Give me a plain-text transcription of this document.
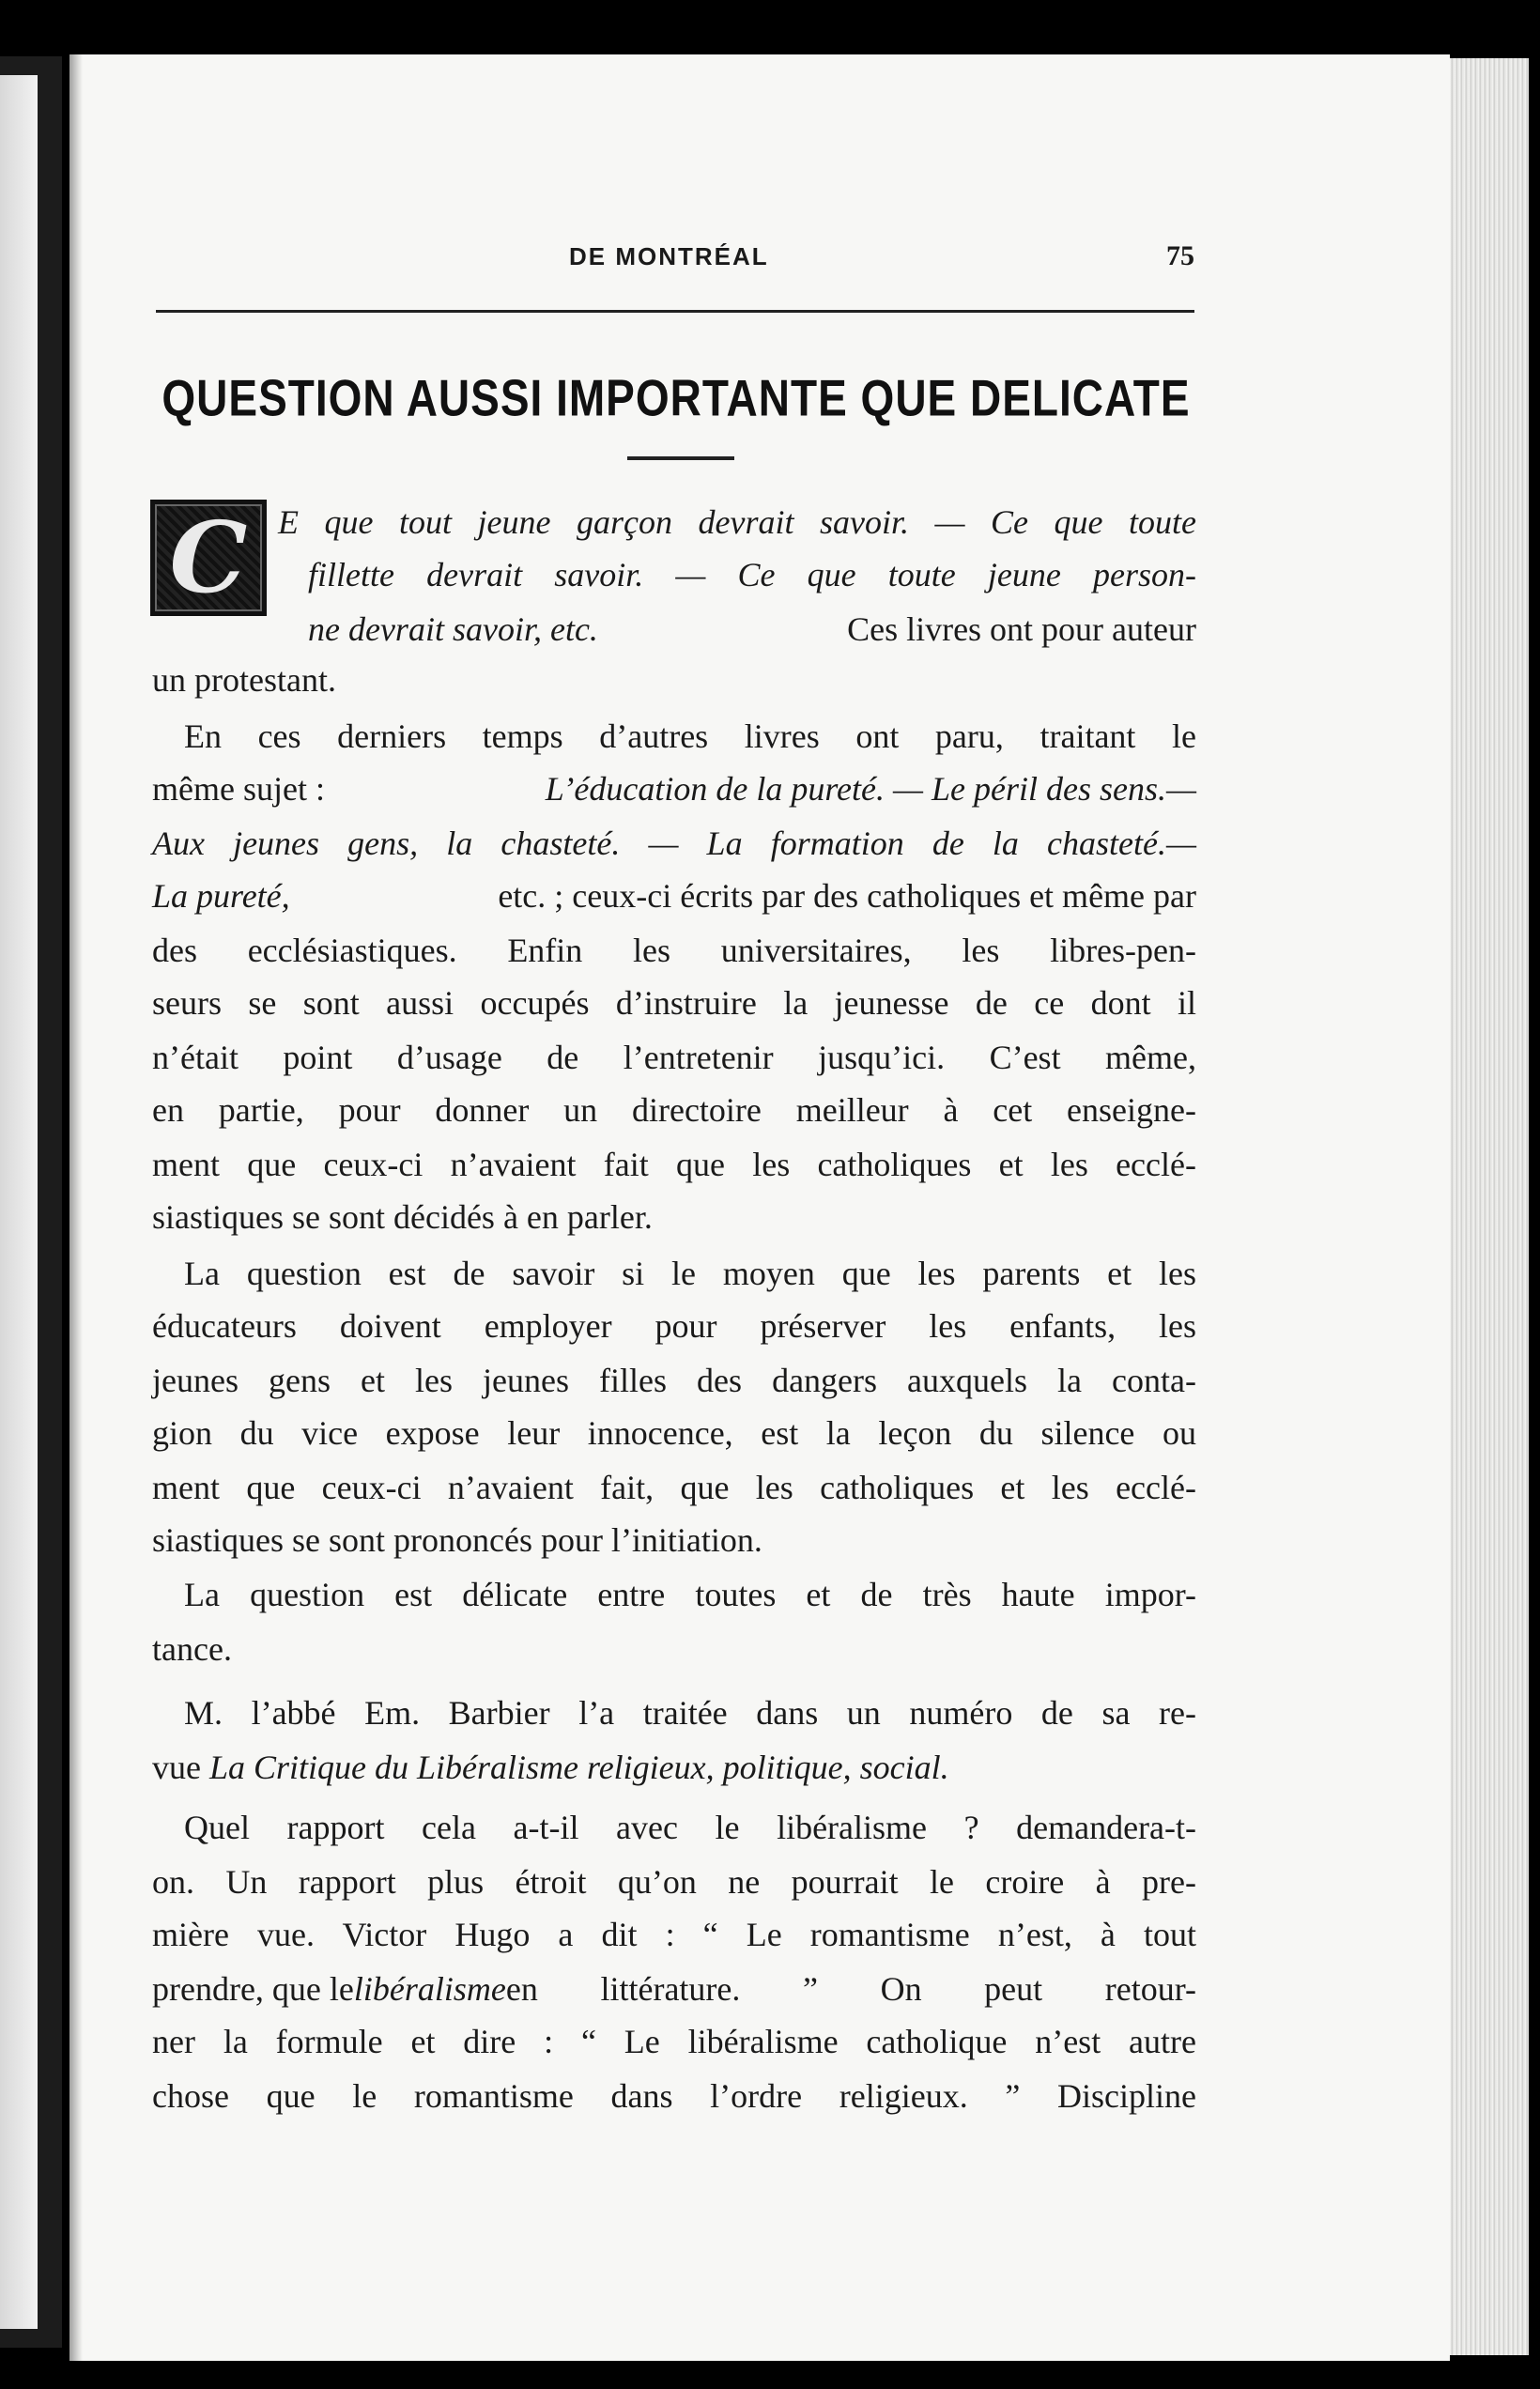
DE MONTRÉAL	75
QUESTION AUSSI IMPORTANTE QUE DELICATE
C E que tout jeune garçon devrait savoir. — Ce que toute
fillette devrait savoir. — Ce que toute jeune person-
ne devrait savoir, etc.	Ces livres ont pour auteur
un protestant.
En ces derniers temps d’autres livres ont paru, traitant le
même sujet :	L’éducation de la pureté. — Le péril des sens.—
Aux jeunes gens, la chasteté. — La formation de la chasteté.—
La pureté,	etc. ; ceux-ci écrits par des catholiques et même par
des ecclésiastiques. Enfin les universitaires, les libres-pen-
seurs se sont aussi occupés d’instruire la jeunesse de ce dont il
n’était point d’usage de l’entretenir jusqu’ici. C’est même,
en partie, pour donner un directoire meilleur à cet enseigne-
ment que ceux-ci n’avaient fait que les catholiques et les ecclé-
siastiques se sont décidés à en parler.
La question est de savoir si le moyen que les parents et les
éducateurs doivent employer pour préserver les enfants, les
jeunes gens et les jeunes filles des dangers auxquels la conta-
gion du vice expose leur innocence, est la leçon du silence ou
ment que ceux-ci n’avaient fait, que les catholiques et les ecclé-
siastiques se sont prononcés pour l’initiation.
La question est délicate entre toutes et de très haute impor-
tance.
M. l’abbé Em. Barbier l’a traitée dans un numéro de sa re-
vue La Critique du Libéralisme religieux, politique, social.
Quel rapport cela a-t-il avec le libéralisme ? demandera-t-
on. Un rapport plus étroit qu’on ne pourrait le croire à pre-
mière vue. Victor Hugo a dit : “ Le romantisme n’est, à tout
prendre, que le libéralisme en littérature. ” On peut retour-
ner la formule et dire : “ Le libéralisme catholique n’est autre
chose que le romantisme dans l’ordre religieux. ” Discipline
